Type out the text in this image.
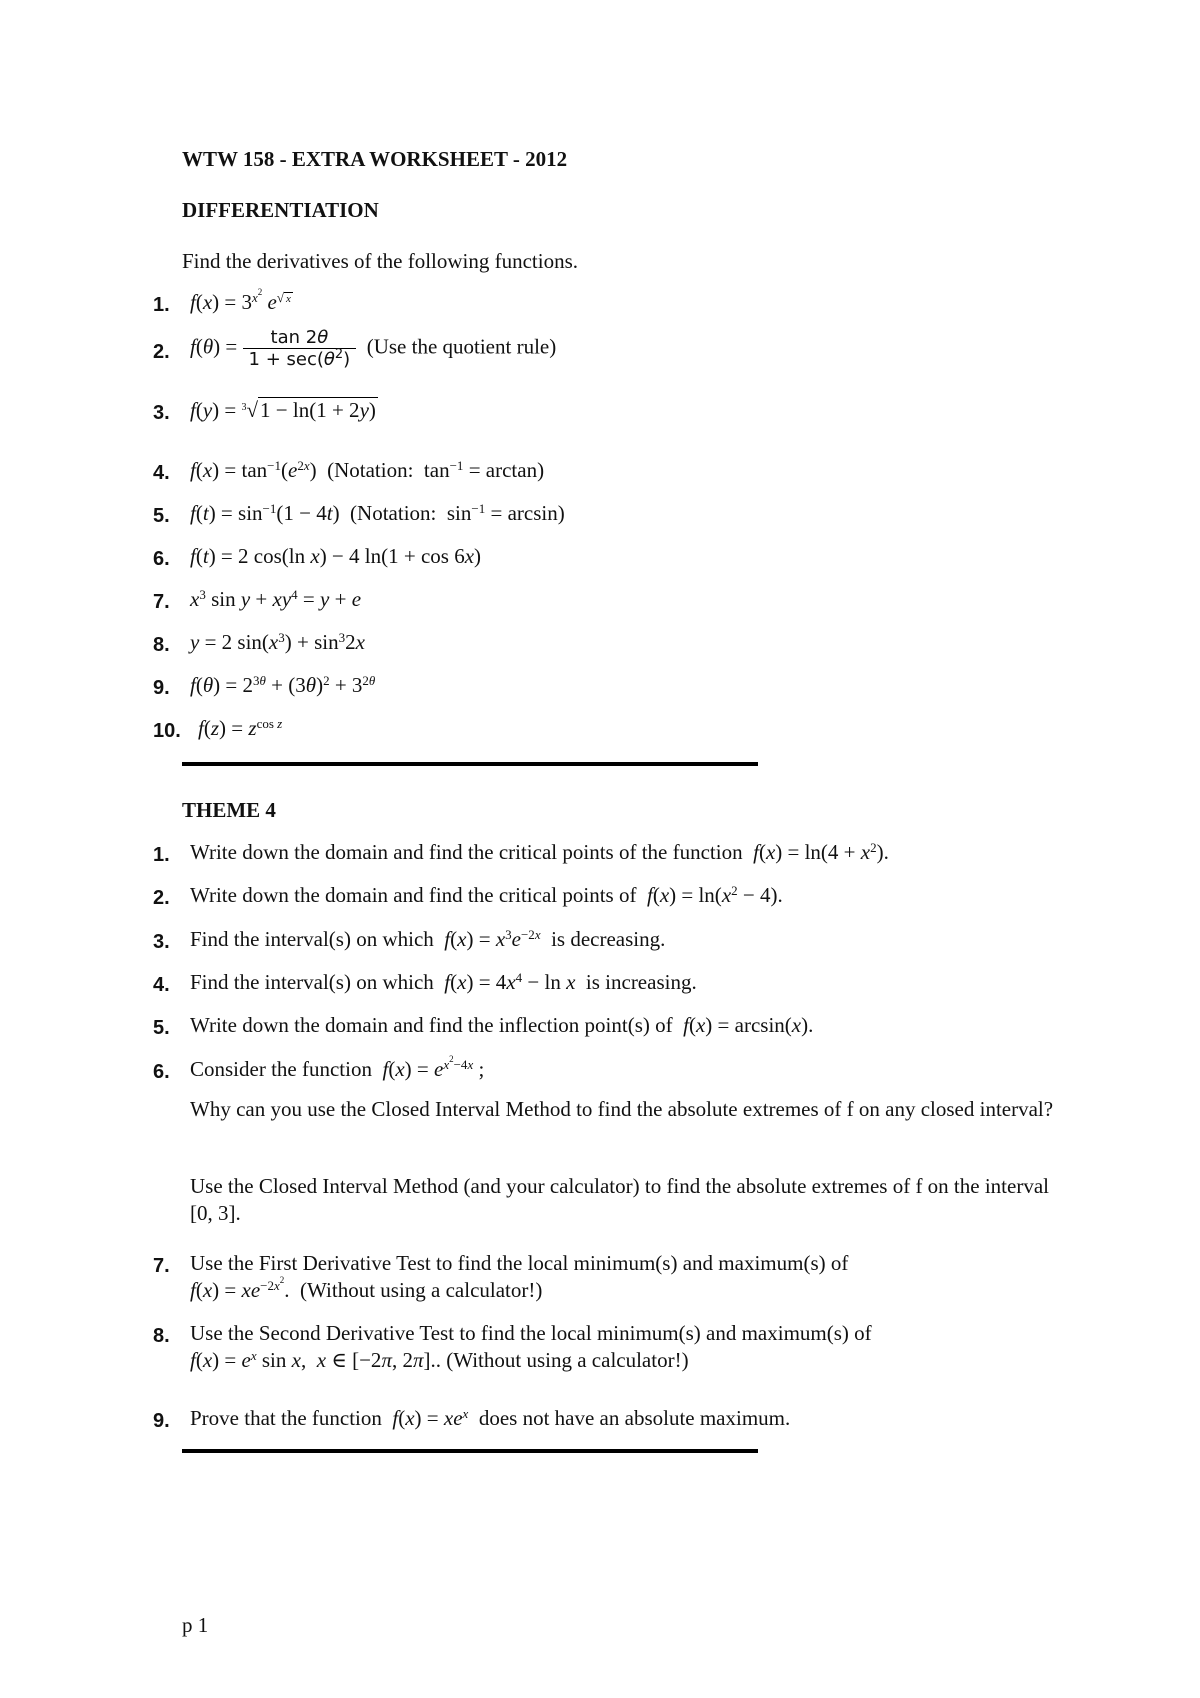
WTW 158 - EXTRA WORKSHEET - 2012
DIFFERENTIATION
Find the derivatives of the following functions.
1. $f(x) = 3^{x^2}$ $e^{√ x}$
2. $f(\theta) = \frac{\tan 2\theta}{1 + \sec(\theta^2)} (Use$ the quotient rule)
3. f(y) = $^3$√1 − ln(1 + 2y)
4. $f(x) = \tan^{-1}(e^{2x})$  (Notation:  $\tan^{-1} = \arctan$)
5. $f(t) = \sin^{-1}(1 - 4t)$  (Notation:  $\sin^{-1} = \arcsin$)
6. f(t) = 2 cos(ln x) − 4 ln(1 + cos 6x)
7. $x^3$ $\sin y + xy^4 = y + e$
8. y = 2 $\sin(x^3) + \sin^32x$
9. $f(\theta) = 2^{3\theta} + (3\theta)^2 + 3^{2\theta}$
10. $f(z) = z^{cos z}$
THEME 4
1. Write down the domain and find the critical points of the function  $f(x) = \ln(4 + x^2)$.
2. Write down the domain and find the critical points of  $f(x) = \ln(x^2 - 4)$.
3. Find the interval(s) on which  $f(x) = x^3e^{-2x}$  is decreasing.
4. Find the interval(s) on which  $f(x) = 4x^4 - \ln x$  is increasing.
5. Write down the domain and find the inflection point(s) of  f(x) = arcsin(x).
6. Consider the function  $f(x) = e^{x^2-4x}$ ;
Why can you use the Closed Interval Method to find the absolute extremes of f on any closed interval?
Use the Closed Interval Method (and your calculator) to find the absolute extremes of f on the interval [0, 3].
7. Use the First Derivative Test to find the local minimum(s) and maximum(s) of
$f(x) = xe^{-2x^2}$.  (Without using a calculator!)
8. Use the Second Derivative Test to find the local minimum(s) and maximum(s) of
$f(x) = e^x$ sin x,  x ∈ [−2π, 2π].. (Without using a calculator!)
9. Prove that the function  $f(x) = xe^x$  does not have an absolute maximum.
p 1
